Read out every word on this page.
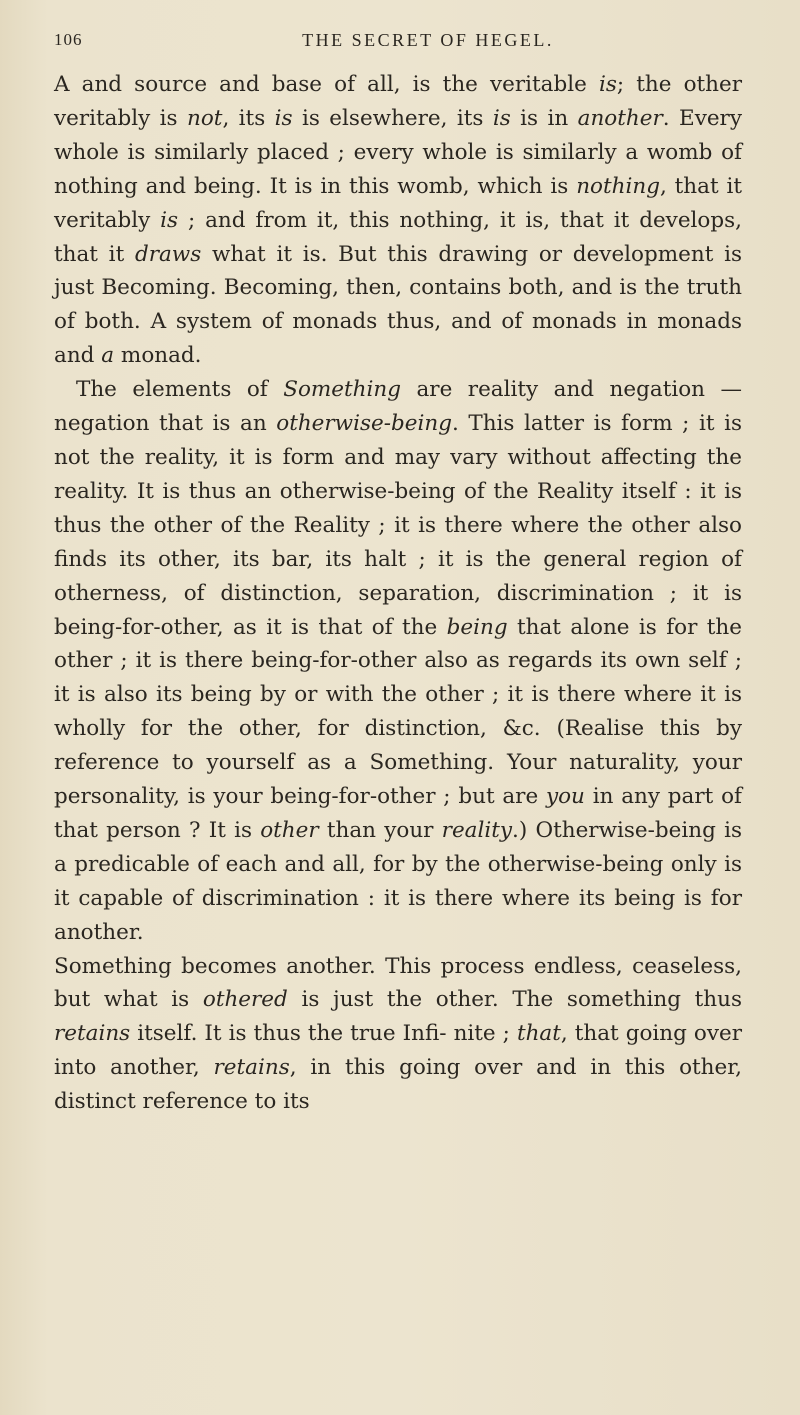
106	THE SECRET OF HEGEL.

A and source and base of all, is the veritable is; the other veritably is not, its is is elsewhere, its is is in another. Every whole is similarly placed ; every whole is similarly a womb of nothing and being. It is in this womb, which is nothing, that it veritably is ; and from it, this nothing, it is, that it develops, that it draws what it is. But this drawing or development is just Becoming. Becoming, then, contains both, and is the truth of both. A system of monads thus, and of monads in monads and a monad.

The elements of Something are reality and negation —negation that is an otherwise-being. This latter is form ; it is not the reality, it is form and may vary without affecting the reality. It is thus an otherwise-being of the Reality itself : it is thus the other of the Reality ; it is there where the other also finds its other, its bar, its halt ; it is the general region of otherness, of distinction, separation, discrimination ; it is being-for-other, as it is that of the being that alone is for the other ; it is there being-for-other also as regards its own self ; it is also its being by or with the other ; it is there where it is wholly for the other, for distinction, &c. (Realise this by reference to yourself as a Something. Your naturality, your personality, is your being-for-other ; but are you in any part of that person ? It is other than your reality.) Otherwise-being is a predicable of each and all, for by the otherwise-being only is it capable of discrimination : it is there where its being is for another.

Something becomes another. This process endless, ceaseless, but what is othered is just the other. The something thus retains itself. It is thus the true Infi- nite ; that, that going over into another, retains, in this going over and in this other, distinct reference to its
